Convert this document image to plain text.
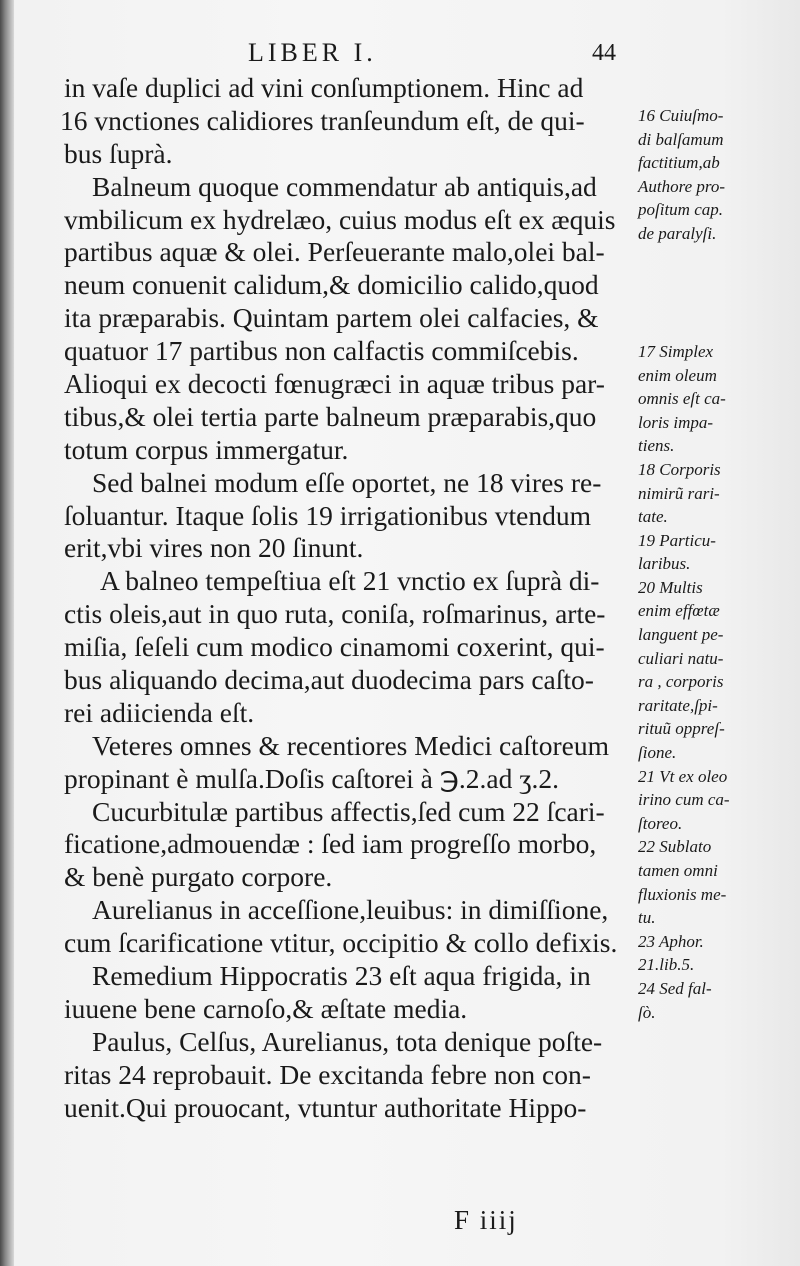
LIBER I.	44
in vaſe duplici ad vini conſumptionem. Hinc ad
16 vnctiones calidiores tranſeundum eſt, de qui-
bus ſuprà.
Balneum quoque commendatur ab antiquis,ad
vmbilicum ex hydrelæo, cuius modus eſt ex æquis
partibus aquæ & olei. Perſeuerante malo,olei bal-
neum conuenit calidum,& domicilio calido,quod
ita præparabis. Quintam partem olei calfacies, &
quatuor 17 partibus non calfactis commiſcebis.
Alioqui ex decocti fœnugræci in aquæ tribus par-
tibus,& olei tertia parte balneum præparabis,quo
totum corpus immergatur.
Sed balnei modum eſſe oportet, ne 18 vires re-
ſoluantur. Itaque ſolis 19 irrigationibus vtendum
erit,vbi vires non 20 ſinunt.
A balneo tempeſtiua eſt 21 vnctio ex ſuprà di-
ctis oleis,aut in quo ruta, coniſa, roſmarinus, arte-
miſia, ſeſeli cum modico cinamomi coxerint, qui-
bus aliquando decima,aut duodecima pars caſto-
rei adiicienda eſt.
Veteres omnes & recentiores Medici caſtoreum
propinant è mulſa.Doſis caſtorei à ℈.2.ad ʒ.2.
Cucurbitulæ partibus affectis,ſed cum 22 ſcari-
ficatione,admouendæ : ſed iam progreſſo morbo,
& benè purgato corpore.
Aurelianus in acceſſione,leuibus: in dimiſſione,
cum ſcarificatione vtitur, occipitio & collo defixis.
Remedium Hippocratis 23 eſt aqua frigida, in
iuuene bene carnoſo,& æſtate media.
Paulus, Celſus, Aurelianus, tota denique poſte-
ritas 24 reprobauit. De excitanda febre non con-
uenit.Qui prouocant, vtuntur authoritate Hippo-
16 Cuiuſmo-
di balſamum
factitium,ab
Authore pro-
poſitum cap.
de paralyſi.
17 Simplex
enim oleum
omnis eſt ca-
loris impa-
tiens.
18 Corporis
nimirũ rari-
tate.
19 Particu-
laribus.
20 Multis
enim effœtæ
languent pe-
culiari natu-
ra , corporis
raritate,ſpi-
rituũ oppreſ-
ſione.
21 Vt ex oleo
irino cum ca-
ſtoreo.
22 Sublato
tamen omni
fluxionis me-
tu.
23 Aphor.
21.lib.5.
24 Sed fal-
ſò.
F iiij
